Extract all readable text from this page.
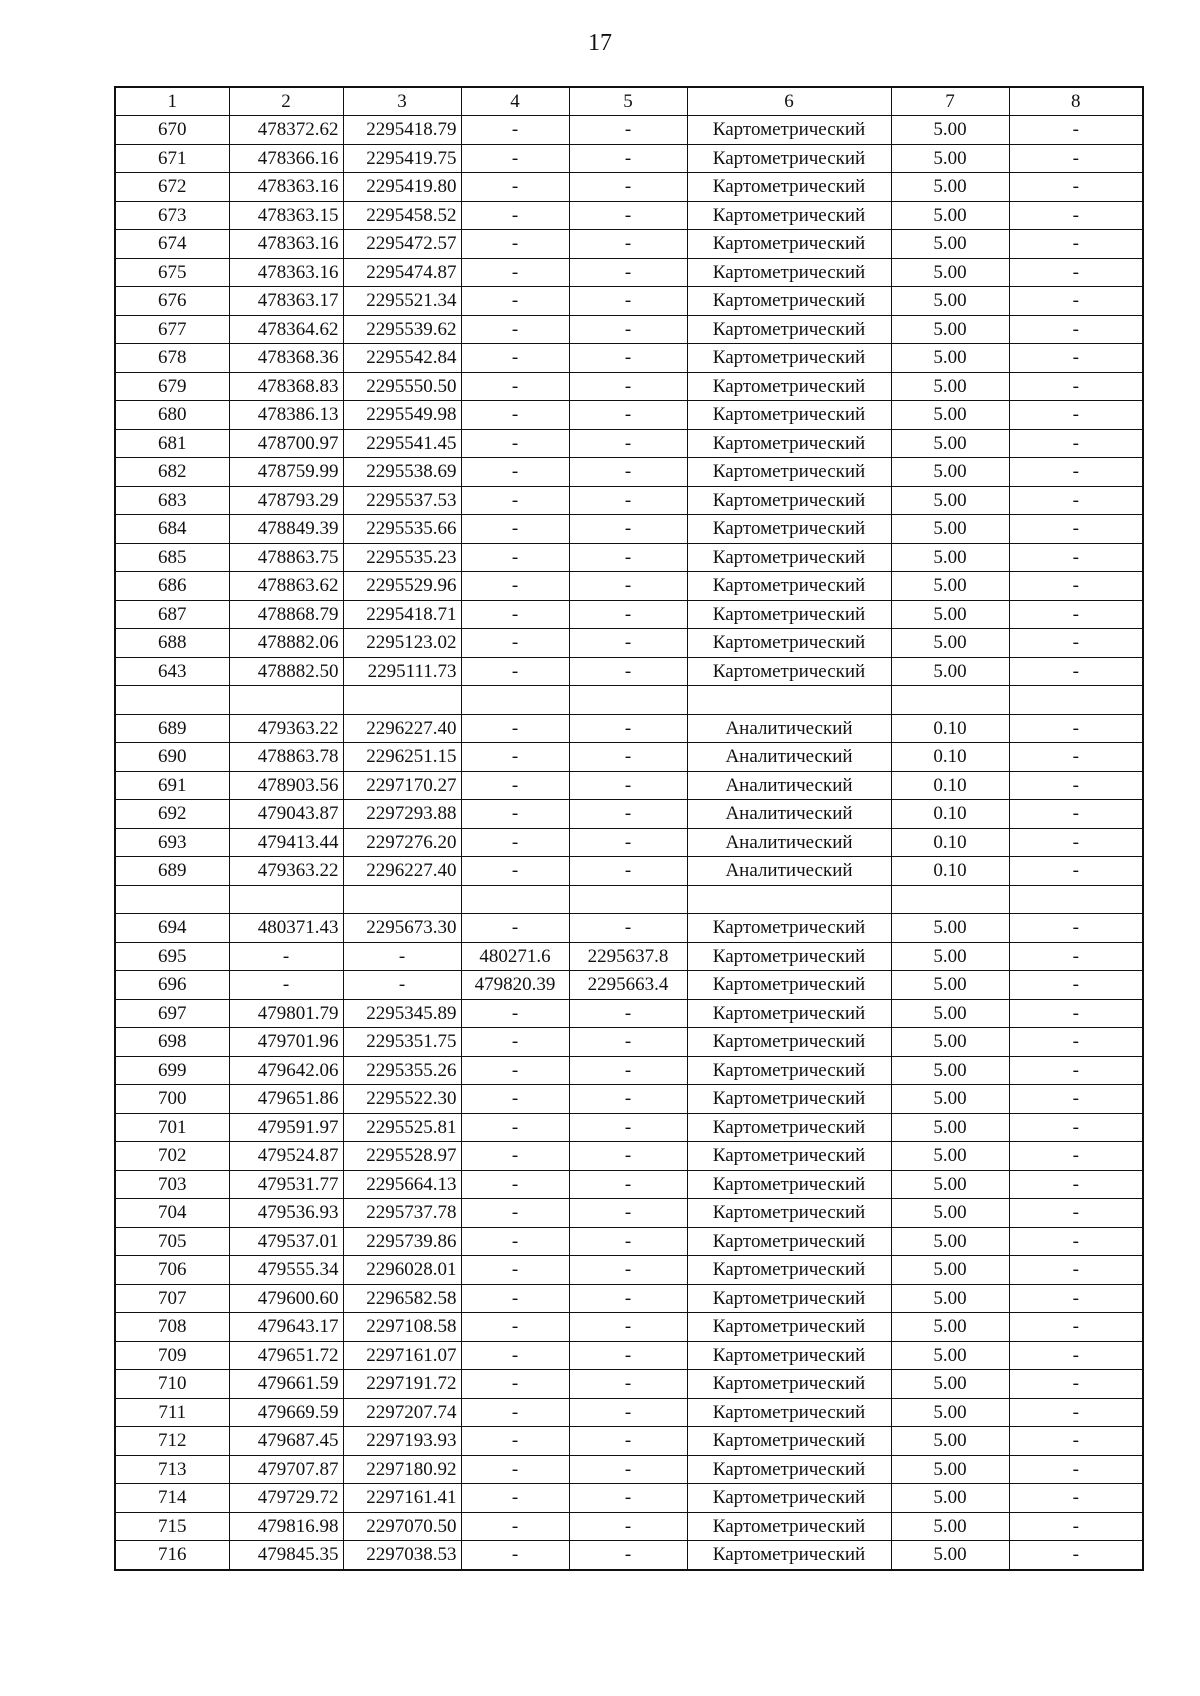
17
1	2	3	4	5	6	7	8
670	478372.62	2295418.79	-	-	Картометрический	5.00	-
671	478366.16	2295419.75	-	-	Картометрический	5.00	-
672	478363.16	2295419.80	-	-	Картометрический	5.00	-
673	478363.15	2295458.52	-	-	Картометрический	5.00	-
674	478363.16	2295472.57	-	-	Картометрический	5.00	-
675	478363.16	2295474.87	-	-	Картометрический	5.00	-
676	478363.17	2295521.34	-	-	Картометрический	5.00	-
677	478364.62	2295539.62	-	-	Картометрический	5.00	-
678	478368.36	2295542.84	-	-	Картометрический	5.00	-
679	478368.83	2295550.50	-	-	Картометрический	5.00	-
680	478386.13	2295549.98	-	-	Картометрический	5.00	-
681	478700.97	2295541.45	-	-	Картометрический	5.00	-
682	478759.99	2295538.69	-	-	Картометрический	5.00	-
683	478793.29	2295537.53	-	-	Картометрический	5.00	-
684	478849.39	2295535.66	-	-	Картометрический	5.00	-
685	478863.75	2295535.23	-	-	Картометрический	5.00	-
686	478863.62	2295529.96	-	-	Картометрический	5.00	-
687	478868.79	2295418.71	-	-	Картометрический	5.00	-
688	478882.06	2295123.02	-	-	Картометрический	5.00	-
643	478882.50	2295111.73	-	-	Картометрический	5.00	-

689	479363.22	2296227.40	-	-	Аналитический	0.10	-
690	478863.78	2296251.15	-	-	Аналитический	0.10	-
691	478903.56	2297170.27	-	-	Аналитический	0.10	-
692	479043.87	2297293.88	-	-	Аналитический	0.10	-
693	479413.44	2297276.20	-	-	Аналитический	0.10	-
689	479363.22	2296227.40	-	-	Аналитический	0.10	-

694	480371.43	2295673.30	-	-	Картометрический	5.00	-
695	-	-	480271.6	2295637.8	Картометрический	5.00	-
696	-	-	479820.39	2295663.4	Картометрический	5.00	-
697	479801.79	2295345.89	-	-	Картометрический	5.00	-
698	479701.96	2295351.75	-	-	Картометрический	5.00	-
699	479642.06	2295355.26	-	-	Картометрический	5.00	-
700	479651.86	2295522.30	-	-	Картометрический	5.00	-
701	479591.97	2295525.81	-	-	Картометрический	5.00	-
702	479524.87	2295528.97	-	-	Картометрический	5.00	-
703	479531.77	2295664.13	-	-	Картометрический	5.00	-
704	479536.93	2295737.78	-	-	Картометрический	5.00	-
705	479537.01	2295739.86	-	-	Картометрический	5.00	-
706	479555.34	2296028.01	-	-	Картометрический	5.00	-
707	479600.60	2296582.58	-	-	Картометрический	5.00	-
708	479643.17	2297108.58	-	-	Картометрический	5.00	-
709	479651.72	2297161.07	-	-	Картометрический	5.00	-
710	479661.59	2297191.72	-	-	Картометрический	5.00	-
711	479669.59	2297207.74	-	-	Картометрический	5.00	-
712	479687.45	2297193.93	-	-	Картометрический	5.00	-
713	479707.87	2297180.92	-	-	Картометрический	5.00	-
714	479729.72	2297161.41	-	-	Картометрический	5.00	-
715	479816.98	2297070.50	-	-	Картометрический	5.00	-
716	479845.35	2297038.53	-	-	Картометрический	5.00	-
